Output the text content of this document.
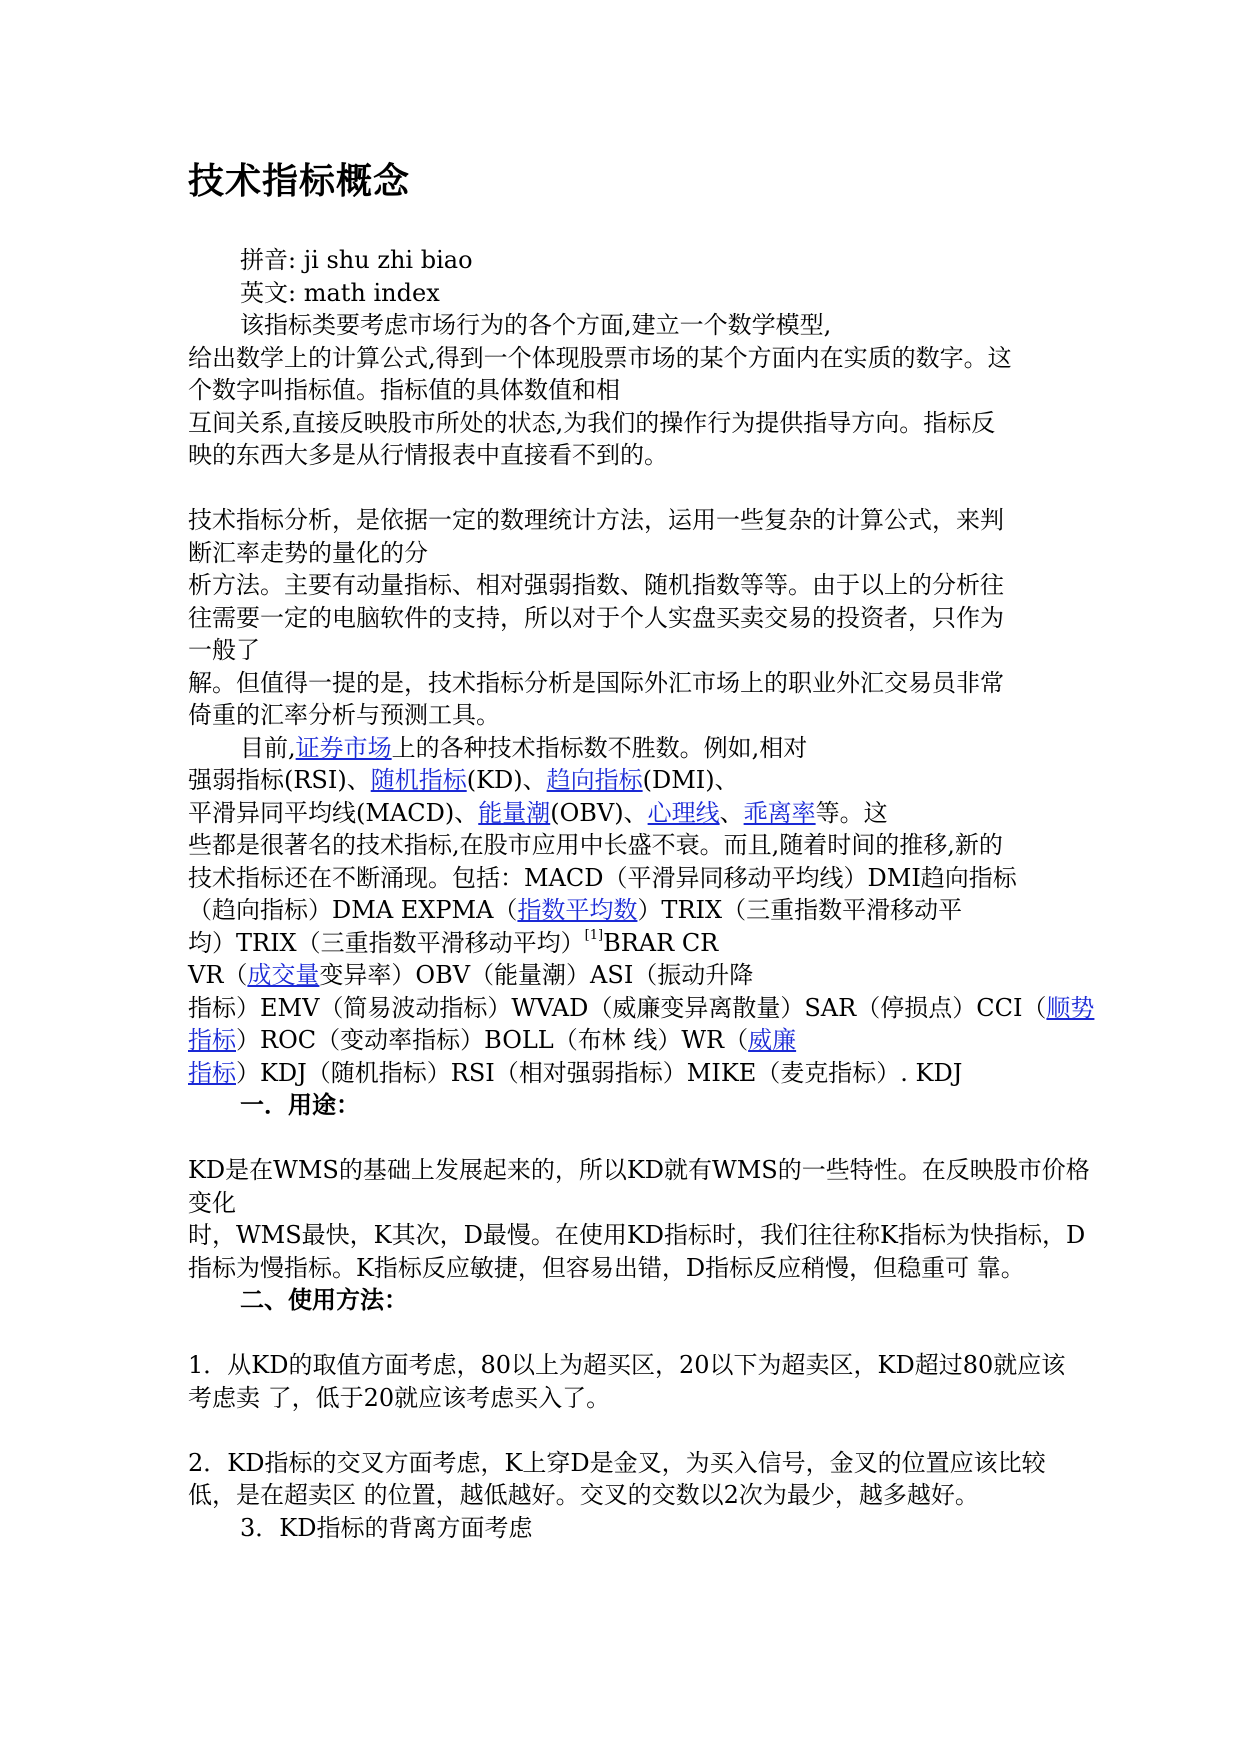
技术指标概念
拼音: ji shu zhi biao
英文: math index
该指标类要考虑市场行为的各个方面,建立一个数学模型,
给出数学上的计算公式,得到一个体现股票市场的某个方面内在实质的数字。这
个数字叫指标值。指标值的具体数值和相
互间关系,直接反映股市所处的状态,为我们的操作行为提供指导方向。指标反
映的东西大多是从行情报表中直接看不到的。
技术指标分析，是依据一定的数理统计方法，运用一些复杂的计算公式，来判
断汇率走势的量化的分
析方法。主要有动量指标、相对强弱指数、随机指数等等。由于以上的分析往
往需要一定的电脑软件的支持，所以对于个人实盘买卖交易的投资者，只作为
一般了
解。但值得一提的是，技术指标分析是国际外汇市场上的职业外汇交易员非常
倚重的汇率分析与预测工具。
目前,证券市场上的各种技术指标数不胜数。例如,相对
强弱指标(RSI)、随机指标(KD)、趋向指标(DMI)、
平滑异同平均线(MACD)、能量潮(OBV)、心理线、乖离率等。这
些都是很著名的技术指标,在股市应用中长盛不衰。而且,随着时间的推移,新的
技术指标还在不断涌现。包括：MACD（平滑异同移动平均线）DMI趋向指标
（趋向指标）DMA EXPMA（指数平均数）TRIX（三重指数平滑移动平
均）TRIX（三重指数平滑移动平均）[1]BRAR CR
VR（成交量变异率）OBV（能量潮）ASI（振动升降
指标）EMV（简易波动指标）WVAD（威廉变异离散量）SAR（停损点）CCI（顺势
指标）ROC（变动率指标）BOLL（布林 线）WR（威廉
指标）KDJ（随机指标）RSI（相对强弱指标）MIKE（麦克指标）. KDJ
一．用途：
KD是在WMS的基础上发展起来的，所以KD就有WMS的一些特性。在反映股市价格
变化
时，WMS最快，K其次，D最慢。在使用KD指标时，我们往往称K指标为快指标，D
指标为慢指标。K指标反应敏捷，但容易出错，D指标反应稍慢，但稳重可 靠。
二、使用方法：
1．从KD的取值方面考虑，80以上为超买区，20以下为超卖区，KD超过80就应该
考虑卖 了，低于20就应该考虑买入了。
2．KD指标的交叉方面考虑，K上穿D是金叉，为买入信号，金叉的位置应该比较
低，是在超卖区 的位置，越低越好。交叉的交数以2次为最少，越多越好。
3．KD指标的背离方面考虑
